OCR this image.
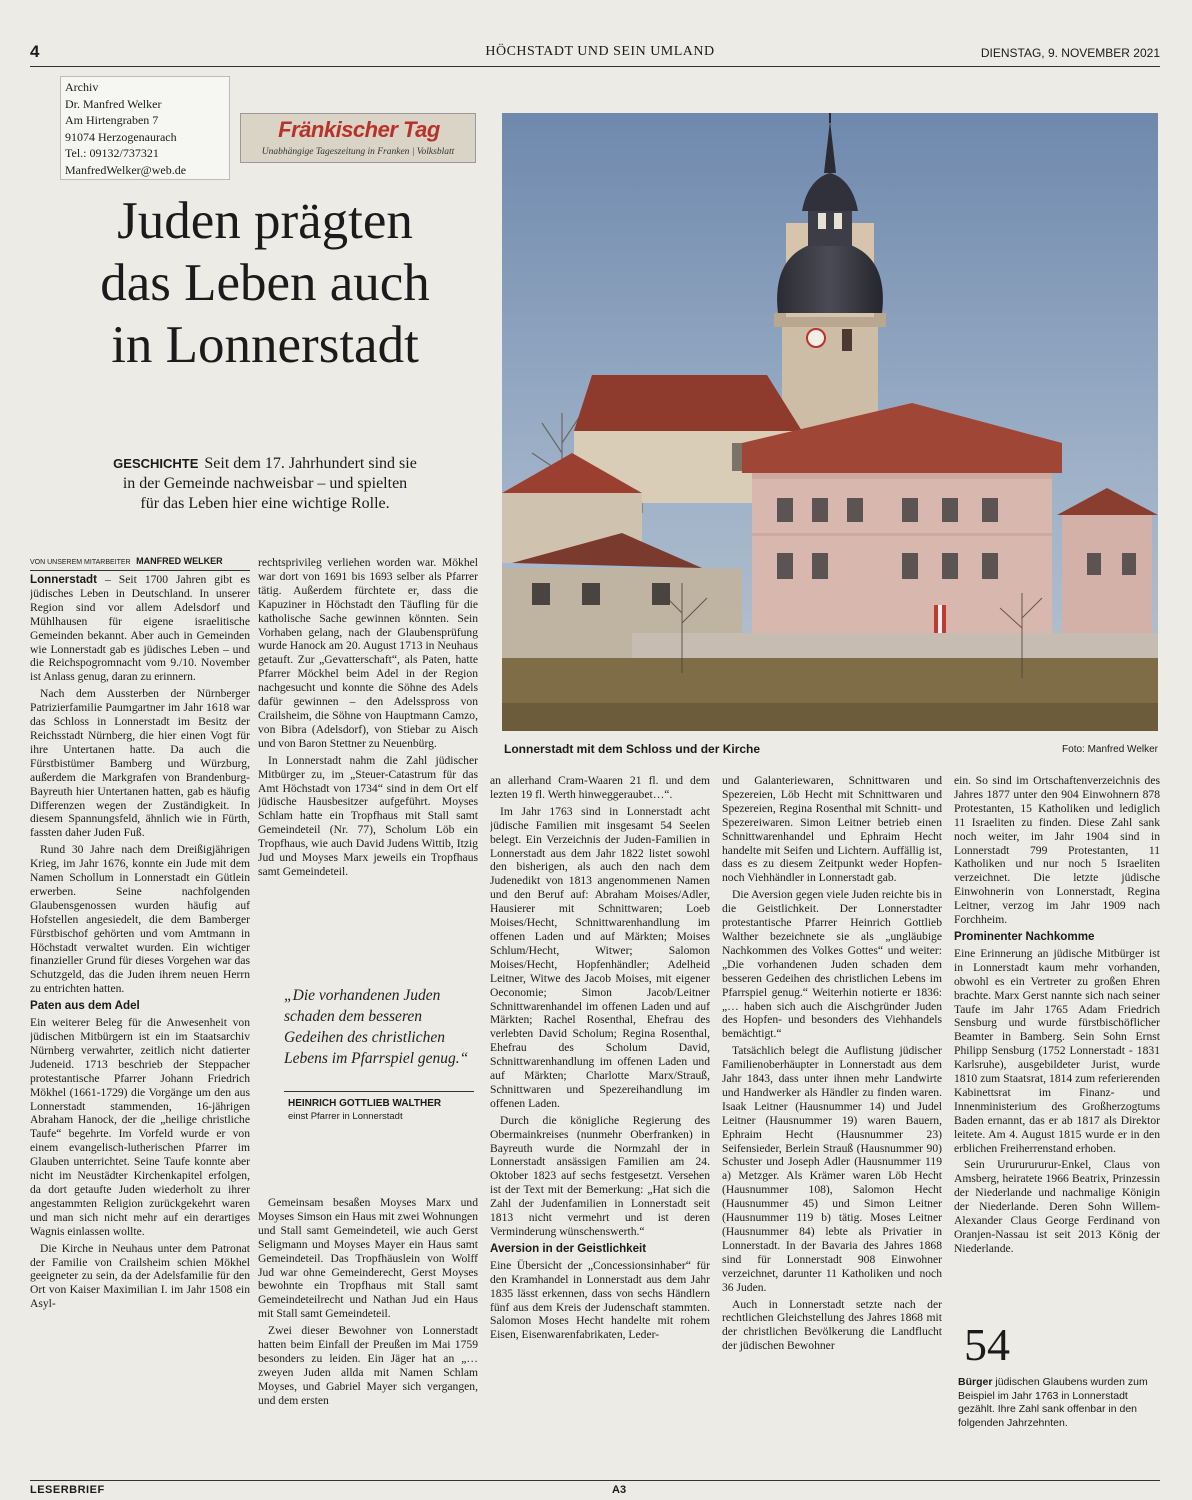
4	HÖCHSTADT UND SEIN UMLAND	DIENSTAG, 9. NOVEMBER 2021
Archiv
Dr. Manfred Welker
Am Hirtengraben 7
91074 Herzogenaurach
Tel.: 09132/737321
ManfredWelker@web.de
Fränkischer Tag
Unabhängige Tageszeitung in Franken | Volksblatt
Juden prägten
das Leben auch
in Lonnerstadt
GESCHICHTE Seit dem 17. Jahrhundert sind sie
in der Gemeinde nachweisbar – und spielten
für das Leben hier eine wichtige Rolle.
Lonnerstadt mit dem Schloss und der Kirche	Foto: Manfred Welker
VON UNSEREM MITARBEITER MANFRED WELKER

Lonnerstadt – Seit 1700 Jahren gibt es jüdisches Leben in Deutschland. In unserer Region sind vor allem Adelsdorf und Mühlhausen für eigene israelitische Gemeinden bekannt. Aber auch in Gemeinden wie Lonnerstadt gab es jüdisches Leben – und die Reichspogromnacht vom 9./10. November ist Anlass genug, daran zu erinnern.

Nach dem Aussterben der Nürnberger Patrizierfamilie Paumgartner im Jahr 1618 war das Schloss in Lonnerstadt im Besitz der Reichsstadt Nürnberg, die hier einen Vogt für ihre Untertanen hatte. Da auch die Fürstbistümer Bamberg und Würzburg, außerdem die Markgrafen von Brandenburg-Bayreuth hier Untertanen hatten, gab es häufig Differenzen wegen der Zuständigkeit. In diesem Spannungsfeld, ähnlich wie in Fürth, fassten daher Juden Fuß.

Rund 30 Jahre nach dem Dreißigjährigen Krieg, im Jahr 1676, konnte ein Jude mit dem Namen Schollum in Lonnerstadt ein Gütlein erwerben. Seine nachfolgenden Glaubensgenossen wurden häufig auf Hofstellen angesiedelt, die dem Bamberger Fürstbischof gehörten und vom Amtmann in Höchstadt verwaltet wurden. Ein wichtiger finanzieller Grund für dieses Vorgehen war das Schutzgeld, das die Juden ihrem neuen Herrn zu entrichten hatten.

Paten aus dem Adel

Ein weiterer Beleg für die Anwesenheit von jüdischen Mitbürgern ist ein im Staatsarchiv Nürnberg verwahrter, zeitlich nicht datierter Judeneid. 1713 beschrieb der Steppacher protestantische Pfarrer Johann Friedrich Mökhel (1661-1729) die Vorgänge um den aus Lonnerstadt stammenden, 16-jährigen Abraham Hanock, der die „heilige christliche Taufe“ begehrte. Im Vorfeld wurde er von einem evangelisch-lutherischen Pfarrer im Glauben unterrichtet. Seine Taufe konnte aber nicht im Neustädter Kirchenkapitel erfolgen, da dort getaufte Juden wiederholt zu ihrer angestammten Religion zurückgekehrt waren und man sich nicht mehr auf ein derartiges Wagnis einlassen wollte.

Die Kirche in Neuhaus unter dem Patronat der Familie von Crailsheim schien Mökhel geeigneter zu sein, da der Adelsfamilie für den Ort von Kaiser Maximilian I. im Jahr 1508 ein Asyl-

rechtsprivileg verliehen worden war. Mökhel war dort von 1691 bis 1693 selber als Pfarrer tätig. Außerdem fürchtete er, dass die Kapuziner in Höchstadt den Täufling für die katholische Sache gewinnen könnten. Sein Vorhaben gelang, nach der Glaubensprüfung wurde Hanock am 20. August 1713 in Neuhaus getauft. Zur „Gevatterschaft“, als Paten, hatte Pfarrer Möckhel beim Adel in der Region nachgesucht und konnte die Söhne des Adels dafür gewinnen – den Adelsspross von Crailsheim, die Söhne von Hauptmann Camzo, von Bibra (Adelsdorf), von Stiebar zu Aisch und von Baron Stettner zu Neuenbürg.

In Lonnerstadt nahm die Zahl jüdischer Mitbürger zu, im „Steuer-Catastrum für das Amt Höchstadt von 1734“ sind in dem Ort elf jüdische Hausbesitzer aufgeführt. Moyses Schlam hatte ein Tropfhaus mit Stall samt Gemeindeteil (Nr. 77), Scholum Löb ein Tropfhaus, wie auch David Judens Wittib, Itzig Jud und Moyses Marx jeweils ein Tropfhaus samt Gemeindeteil.

„Die vorhandenen Juden schaden dem besseren Gedeihen des christlichen Lebens im Pfarrspiel genug.“
HEINRICH GOTTLIEB WALTHER
einst Pfarrer in Lonnerstadt

Gemeinsam besaßen Moyses Marx und Moyses Simson ein Haus mit zwei Wohnungen und Stall samt Gemeindeteil, wie auch Gerst Seligmann und Moyses Mayer ein Haus samt Gemeindeteil. Das Tropfhäuslein von Wolff Jud war ohne Gemeinderecht, Gerst Moyses bewohnte ein Tropfhaus mit Stall samt Gemeindeteilrecht und Nathan Jud ein Haus mit Stall samt Gemeindeteil.

Zwei dieser Bewohner von Lonnerstadt hatten beim Einfall der Preußen im Mai 1759 besonders zu leiden. Ein Jäger hat an „…zweyen Juden allda mit Namen Schlam Moyses, und Gabriel Mayer sich vergangen, und dem ersten

an allerhand Cram-Waaren 21 fl. und dem lezten 19 fl. Werth hinweggeraubet…“.

Im Jahr 1763 sind in Lonnerstadt acht jüdische Familien mit insgesamt 54 Seelen belegt. Ein Verzeichnis der Juden-Familien in Lonnerstadt aus dem Jahr 1822 listet sowohl den bisherigen, als auch den nach dem Judenedikt von 1813 angenommenen Namen und den Beruf auf: Abraham Moises/Adler, Hausierer mit Schnittwaren; Loeb Moises/Hecht, Schnittwarenhandlung im offenen Laden und auf Märkten; Moises Schlum/Hecht, Witwer; Salomon Moises/Hecht, Hopfenhändler; Adelheid Leitner, Witwe des Jacob Moises, mit eigener Oeconomie; Simon Jacob/Leitner Schnittwarenhandel im offenen Laden und auf Märkten; Rachel Rosenthal, Ehefrau des verlebten David Scholum; Regina Rosenthal, Ehefrau des Scholum David, Schnittwarenhandlung im offenen Laden und auf Märkten; Charlotte Marx/Strauß, Schnittwaren und Spezereihandlung im offenen Laden.

Durch die königliche Regierung des Obermainkreises (nunmehr Oberfranken) in Bayreuth wurde die Normzahl der in Lonnerstadt ansässigen Familien am 24. Oktober 1823 auf sechs festgesetzt. Versehen ist der Text mit der Bemerkung: „Hat sich die Zahl der Judenfamilien in Lonnerstadt seit 1813 nicht vermehrt und ist deren Verminderung wünschenswerth.“

Aversion in der Geistlichkeit

Eine Übersicht der „Concessionsinhaber“ für den Kramhandel in Lonnerstadt aus dem Jahr 1835 lässt erkennen, dass von sechs Händlern fünf aus dem Kreis der Judenschaft stammten. Salomon Moses Hecht handelte mit rohem Eisen, Eisenwarenfabrikaten, Leder-

und Galanteriewaren, Schnittwaren und Spezereien, Löb Hecht mit Schnittwaren und Spezereien, Regina Rosenthal mit Schnitt- und Spezereiwaren. Simon Leitner betrieb einen Schnittwarenhandel und Ephraim Hecht handelte mit Seifen und Lichtern. Auffällig ist, dass es zu diesem Zeitpunkt weder Hopfen- noch Viehhändler in Lonnerstadt gab.

Die Aversion gegen viele Juden reichte bis in die Geistlichkeit. Der Lonnerstadter protestantische Pfarrer Heinrich Gottlieb Walther bezeichnete sie als „ungläubige Nachkommen des Volkes Gottes“ und weiter: „Die vorhandenen Juden schaden dem besseren Gedeihen des christlichen Lebens im Pfarrspiel genug.“ Weiterhin notierte er 1836: „… haben sich auch die Aischgründer Juden des Hopfen- und besonders des Viehhandels bemächtigt.“

Tatsächlich belegt die Auflistung jüdischer Familienoberhäupter in Lonnerstadt aus dem Jahr 1843, dass unter ihnen mehr Landwirte und Handwerker als Händler zu finden waren. Isaak Leitner (Hausnummer 14) und Judel Leitner (Hausnummer 19) waren Bauern, Ephraim Hecht (Hausnummer 23) Seifensieder, Berlein Strauß (Hausnummer 90) Schuster und Joseph Adler (Hausnummer 119 a) Metzger. Als Krämer waren Löb Hecht (Hausnummer 108), Salomon Hecht (Hausnummer 45) und Simon Leitner (Hausnummer 119 b) tätig. Moses Leitner (Hausnummer 84) lebte als Privatier in Lonnerstadt. In der Bavaria des Jahres 1868 sind für Lonnerstadt 908 Einwohner verzeichnet, darunter 11 Katholiken und noch 36 Juden.

Auch in Lonnerstadt setzte nach der rechtlichen Gleichstellung des Jahres 1868 mit der christlichen Bevölkerung die Landflucht der jüdischen Bewohner

ein. So sind im Ortschaftenverzeichnis des Jahres 1877 unter den 904 Einwohnern 878 Protestanten, 15 Katholiken und lediglich 11 Israeliten zu finden. Diese Zahl sank noch weiter, im Jahr 1904 sind in Lonnerstadt 799 Protestanten, 11 Katholiken und nur noch 5 Israeliten verzeichnet. Die letzte jüdische Einwohnerin von Lonnerstadt, Regina Leitner, verzog im Jahr 1909 nach Forchheim.

Prominenter Nachkomme

Eine Erinnerung an jüdische Mitbürger ist in Lonnerstadt kaum mehr vorhanden, obwohl es ein Vertreter zu großen Ehren brachte. Marx Gerst nannte sich nach seiner Taufe im Jahr 1765 Adam Friedrich Sensburg und wurde fürstbischöflicher Beamter in Bamberg. Sein Sohn Ernst Philipp Sensburg (1752 Lonnerstadt - 1831 Karlsruhe), ausgebildeter Jurist, wurde 1810 zum Staatsrat, 1814 zum referierenden Kabinettsrat im Finanz- und Innenministerium des Großherzogtums Baden ernannt, das er ab 1817 als Direktor leitete. Am 4. August 1815 wurde er in den erblichen Freiherrenstand erhoben.

Sein Urururururur-Enkel, Claus von Amsberg, heiratete 1966 Beatrix, Prinzessin der Niederlande und nachmalige Königin der Niederlande. Deren Sohn Willem-Alexander Claus George Ferdinand von Oranjen-Nassau ist seit 2013 König der Niederlande.

54
Bürger jüdischen Glaubens wurden zum Beispiel im Jahr 1763 in Lonnerstadt gezählt. Ihre Zahl sank offenbar in den folgenden Jahrzehnten.
LESERBRIEF	A3
